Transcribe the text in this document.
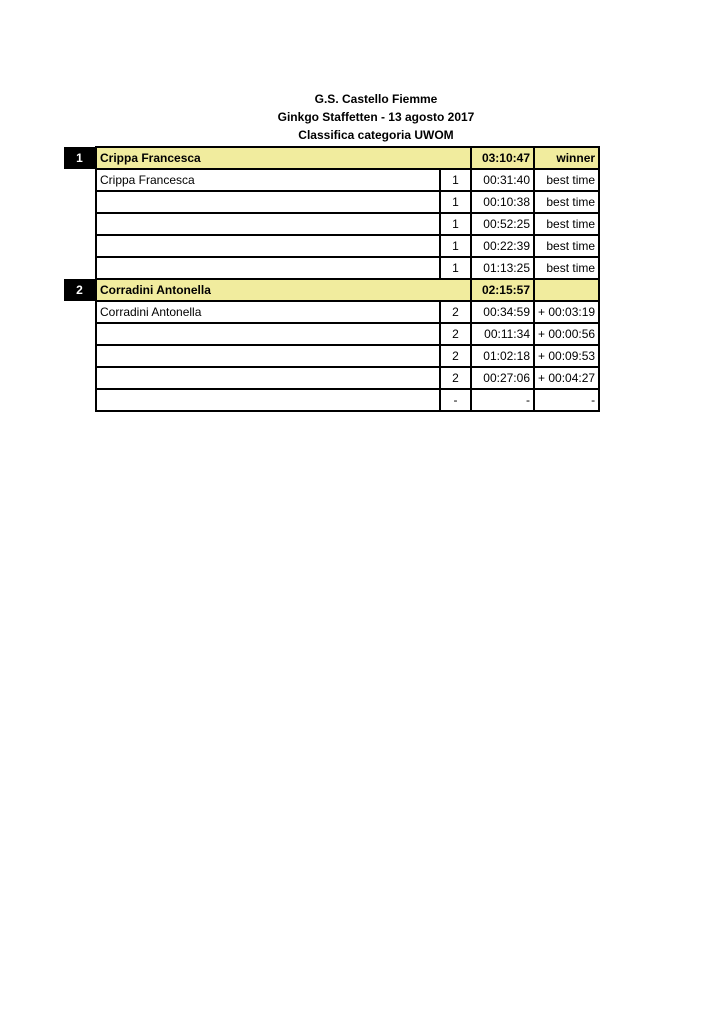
G.S. Castello Fiemme
Ginkgo Staffetten - 13 agosto 2017
Classifica categoria UWOM
1	Crippa Francesca		03:10:47	winner
	Crippa Francesca	1	00:31:40	best time
		1	00:10:38	best time
		1	00:52:25	best time
		1	00:22:39	best time
		1	01:13:25	best time
2	Corradini Antonella		02:15:57	
	Corradini Antonella	2	00:34:59	+ 00:03:19
		2	00:11:34	+ 00:00:56
		2	01:02:18	+ 00:09:53
		2	00:27:06	+ 00:04:27
		-	-	-
